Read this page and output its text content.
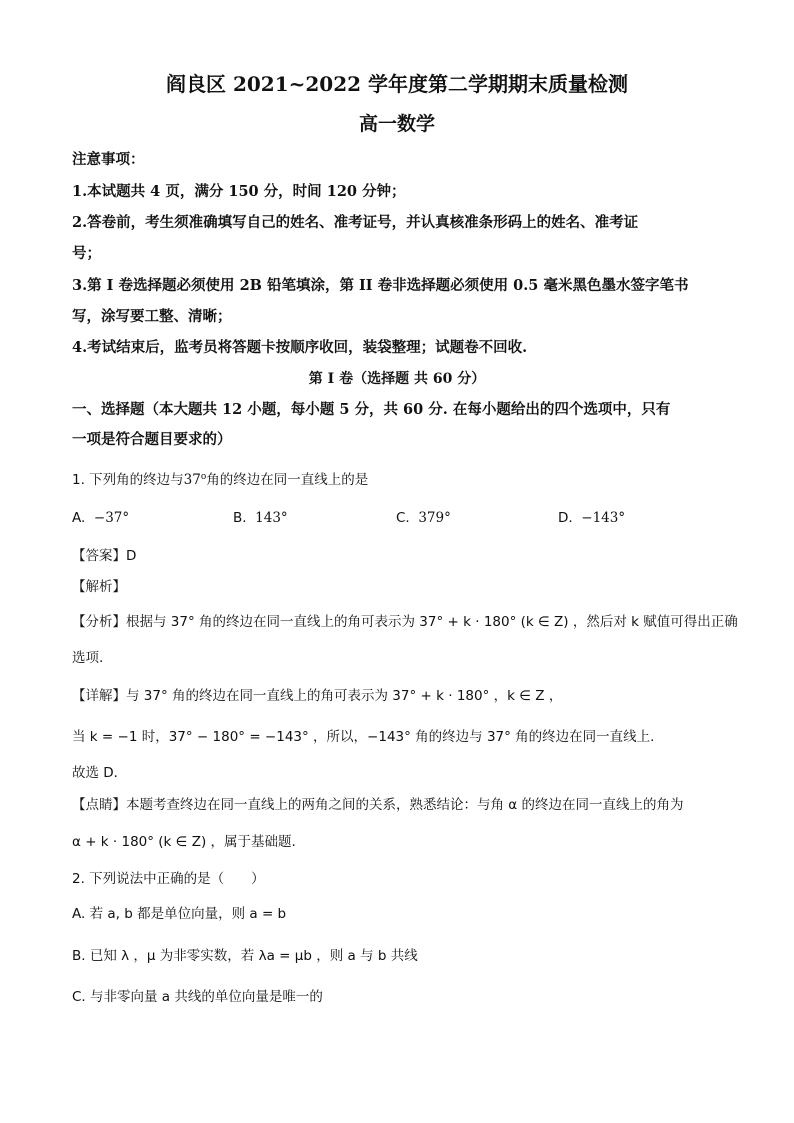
阎良区 2021~2022 学年度第二学期期末质量检测
高一数学
注意事项：
1.本试题共 4 页，满分 150 分，时间 120 分钟；
2.答卷前，考生须准确填写自己的姓名、准考证号，并认真核准条形码上的姓名、准考证
号；
3.第 I 卷选择题必须使用 2B 铅笔填涂，第 II 卷非选择题必须使用 0.5 毫米黑色墨水签字笔书
写，涂写要工整、清晰；
4.考试结束后，监考员将答题卡按顺序收回，装袋整理；试题卷不回收.
第 I 卷（选择题 共 60 分）
一、选择题（本大题共 12 小题，每小题 5 分，共 60 分. 在每小题给出的四个选项中，只有
一项是符合题目要求的）
1. 下列角的终边与37$^o$角的终边在同一直线上的是
A. −37°	B. 143°	C. 379°	D. −143°
【答案】D
【解析】
【分析】根据与 37° 角的终边在同一直线上的角可表示为 37° + k · 180° (k ∈ Z) ，然后对 k 赋值可得出正确
选项.
【详解】与 37° 角的终边在同一直线上的角可表示为 37° + k · 180° ，k ∈ Z ，
当 k = −1 时，37° − 180° = −143° ，所以，−143° 角的终边与 37° 角的终边在同一直线上.
故选 D．
【点睛】本题考查终边在同一直线上的两角之间的关系，熟悉结论：与角 α 的终边在同一直线上的角为
α + k · 180° (k ∈ Z) ，属于基础题.
2. 下列说法中正确的是（　　）
A. 若 a, b 都是单位向量，则 a = b
B. 已知 λ ，μ 为非零实数，若 λa = μb ，则 a 与 b 共线
C. 与非零向量 a 共线的单位向量是唯一的
